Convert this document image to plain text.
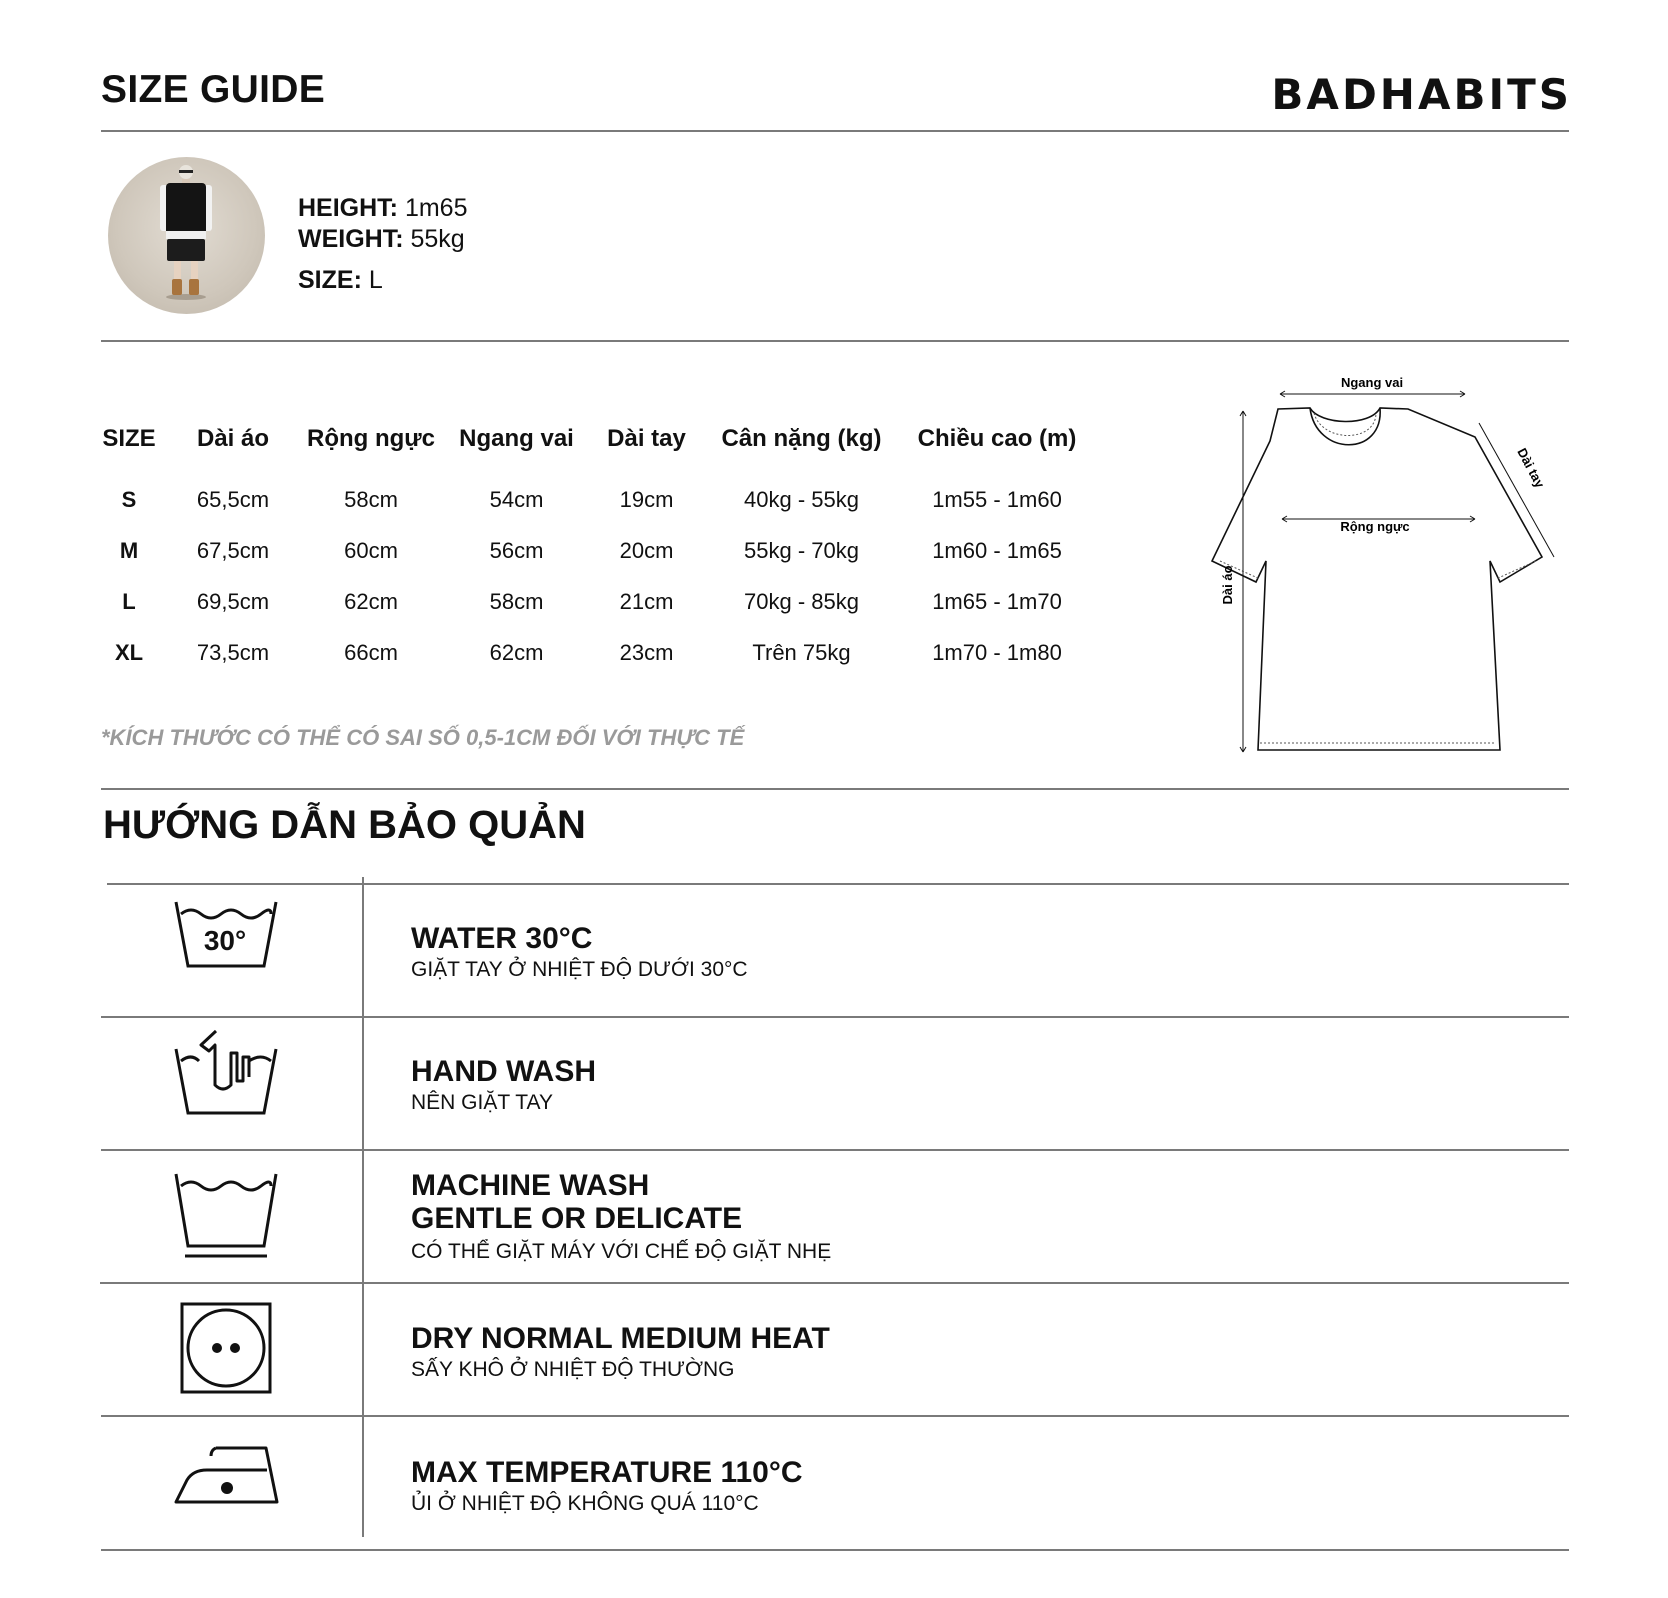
SIZE GUIDE	BADHABITS
HEIGHT: 1m65
WEIGHT: 55kg
SIZE: L
SIZE	Dài áo	Rộng ngực	Ngang vai	Dài tay	Cân nặng (kg)	Chiều cao (m)

S	65,5cm	58cm	54cm	19cm	40kg - 55kg	1m55 - 1m60
M	67,5cm	60cm	56cm	20cm	55kg - 70kg	1m60 - 1m65
L	69,5cm	62cm	58cm	21cm	70kg - 85kg	1m65 - 1m70
XL	73,5cm	66cm	62cm	23cm	Trên 75kg	1m70 - 1m80
*KÍCH THƯỚC CÓ THỂ CÓ SAI SỐ 0,5-1CM ĐỐI VỚI THỰC TẾ
Ngang vai
Rộng ngực
Dài áo
Dài tay
HƯỚNG DẪN BẢO QUẢN
30°	WATER 30°C
GIẶT TAY Ở NHIỆT ĐỘ DƯỚI 30°C
HAND WASH
NÊN GIẶT TAY
MACHINE WASH
GENTLE OR DELICATE
CÓ THỂ GIẶT MÁY VỚI CHẾ ĐỘ GIẶT NHẸ
DRY NORMAL MEDIUM HEAT
SẤY KHÔ Ở NHIỆT ĐỘ THƯỜNG
MAX TEMPERATURE 110°C
ỦI Ở NHIỆT ĐỘ KHÔNG QUÁ 110°C
